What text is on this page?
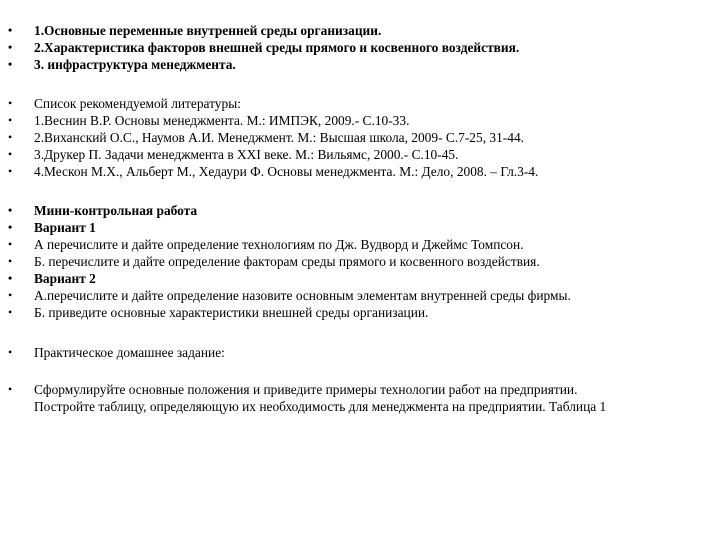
• 1.Основные переменные внутренней среды организации.
• 2.Характеристика факторов внешней среды прямого и косвенного воздействия.
• 3. инфраструктура менеджмента.
• Список рекомендуемой литературы:
• 1.Веснин В.Р. Основы менеджмента. М.: ИМПЭК, 2009.- С.10-33.
• 2.Виханский О.С., Наумов А.И. Менеджмент. М.: Высшая школа, 2009- С.7-25, 31-44.
• 3.Друкер П. Задачи менеджмента в XXI веке. М.: Вильямс, 2000.- С.10-45.
• 4.Мескон М.Х., Альберт М., Хедаури Ф. Основы менеджмента. М.: Дело, 2008. – Гл.3-4.
• Мини-контрольная работа
• Вариант 1
• А перечислите и дайте определение технологиям по Дж. Вудворд и Джеймс Томпсон.
• Б. перечислите и дайте определение факторам среды прямого и косвенного воздействия.
• Вариант 2
• А.перечислите и дайте определение назовите основным элементам внутренней среды фирмы.
• Б. приведите основные характеристики внешней среды организации.
• Практическое домашнее задание:
• Сформулируйте основные положения и приведите примеры технологии работ на предприятии.
Постройте таблицу, определяющую их необходимость для менеджмента на предприятии. Таблица 1
